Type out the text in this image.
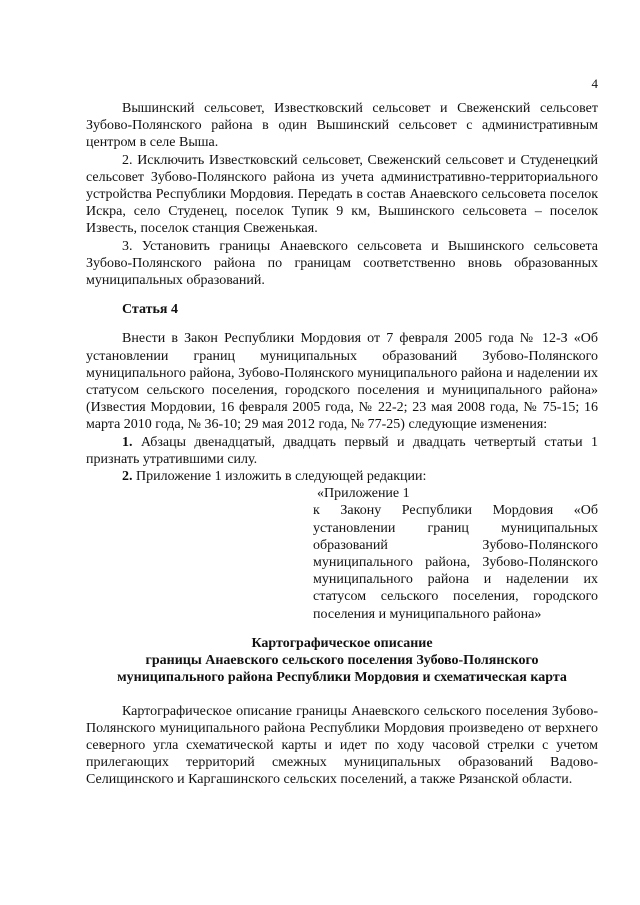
4

Вышинский сельсовет, Известковский сельсовет и Свеженский сельсовет Зубово-Полянского района в один Вышинский сельсовет с административным центром в селе Выша.

2. Исключить Известковский сельсовет, Свеженский сельсовет и Студенецкий сельсовет Зубово-Полянского района из учета административно-территориального устройства Республики Мордовия. Передать в состав Анаевского сельсовета поселок Искра, село Студенец, поселок Тупик 9 км, Вышинского сельсовета – поселок Известь, поселок станция Свеженькая.

3. Установить границы Анаевского сельсовета и Вышинского сельсовета Зубово-Полянского района по границам соответственно вновь образованных муниципальных образований.

Статья 4

Внести в Закон Республики Мордовия от 7 февраля 2005 года № 12-З «Об установлении границ муниципальных образований Зубово-Полянского муниципального района, Зубово-Полянского муниципального района и наделении их статусом сельского поселения, городского поселения и муниципального района» (Известия Мордовии, 16 февраля 2005 года, № 22-2; 23 мая 2008 года, № 75-15; 16 марта 2010 года, № 36-10; 29 мая 2012 года, № 77-25) следующие изменения:

1. Абзацы двенадцатый, двадцать первый и двадцать четвертый статьи 1 признать утратившими силу.

2. Приложение 1 изложить в следующей редакции:

«Приложение 1

к Закону Республики Мордовия «Об установлении границ муниципальных образований Зубово-Полянского муниципального района, Зубово-Полянского муниципального района и наделении их статусом сельского поселения, городского поселения и муниципального района»

Картографическое описание

границы Анаевского сельского поселения Зубово-Полянского

муниципального района Республики Мордовия и схематическая карта

Картографическое описание границы Анаевского сельского поселения Зубово-Полянского муниципального района Республики Мордовия произведено от верхнего северного угла схематической карты и идет по ходу часовой стрелки с учетом прилегающих территорий смежных муниципальных образований Вадово-Селищинского и Каргашинского сельских поселений, а также Рязанской области.
